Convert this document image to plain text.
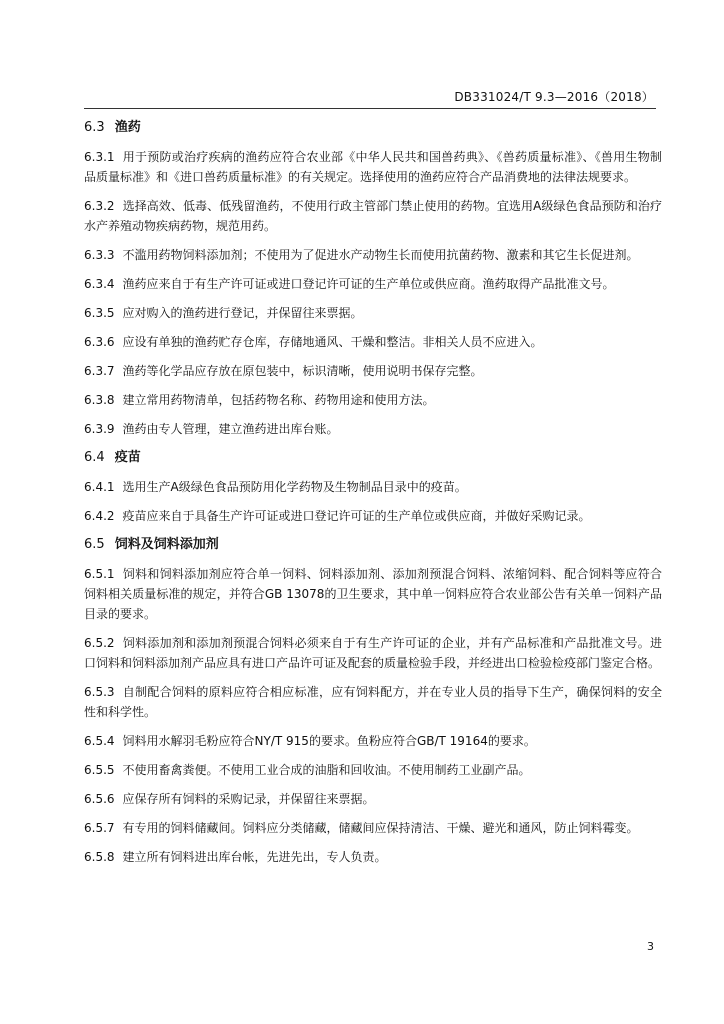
DB331024/T 9.3—2016（2018）
6.3 渔药
6.3.1 用于预防或治疗疾病的渔药应符合农业部《中华人民共和国兽药典》、《兽药质量标准》、《兽用生物制品质量标准》和《进口兽药质量标准》的有关规定。选择使用的渔药应符合产品消费地的法律法规要求。
6.3.2 选择高效、低毒、低残留渔药，不使用行政主管部门禁止使用的药物。宜选用A级绿色食品预防和治疗水产养殖动物疾病药物，规范用药。
6.3.3 不滥用药物饲料添加剂；不使用为了促进水产动物生长而使用抗菌药物、激素和其它生长促进剂。
6.3.4 渔药应来自于有生产许可证或进口登记许可证的生产单位或供应商。渔药取得产品批准文号。
6.3.5 应对购入的渔药进行登记，并保留往来票据。
6.3.6 应设有单独的渔药贮存仓库，存储地通风、干燥和整洁。非相关人员不应进入。
6.3.7 渔药等化学品应存放在原包装中，标识清晰，使用说明书保存完整。
6.3.8 建立常用药物清单，包括药物名称、药物用途和使用方法。
6.3.9 渔药由专人管理，建立渔药进出库台账。
6.4 疫苗
6.4.1 选用生产A级绿色食品预防用化学药物及生物制品目录中的疫苗。
6.4.2 疫苗应来自于具备生产许可证或进口登记许可证的生产单位或供应商，并做好采购记录。
6.5 饲料及饲料添加剂
6.5.1 饲料和饲料添加剂应符合单一饲料、饲料添加剂、添加剂预混合饲料、浓缩饲料、配合饲料等应符合饲料相关质量标准的规定，并符合GB 13078的卫生要求，其中单一饲料应符合农业部公告有关单一饲料产品目录的要求。
6.5.2 饲料添加剂和添加剂预混合饲料必须来自于有生产许可证的企业，并有产品标准和产品批准文号。进口饲料和饲料添加剂产品应具有进口产品许可证及配套的质量检验手段，并经进出口检验检疫部门鉴定合格。
6.5.3 自制配合饲料的原料应符合相应标准，应有饲料配方，并在专业人员的指导下生产，确保饲料的安全性和科学性。
6.5.4 饲料用水解羽毛粉应符合NY/T 915的要求。鱼粉应符合GB/T 19164的要求。
6.5.5 不使用畜禽粪便。不使用工业合成的油脂和回收油。不使用制药工业副产品。
6.5.6 应保存所有饲料的采购记录，并保留往来票据。
6.5.7 有专用的饲料储藏间。饲料应分类储藏，储藏间应保持清洁、干燥、避光和通风，防止饲料霉变。
6.5.8 建立所有饲料进出库台帐，先进先出，专人负责。
3
